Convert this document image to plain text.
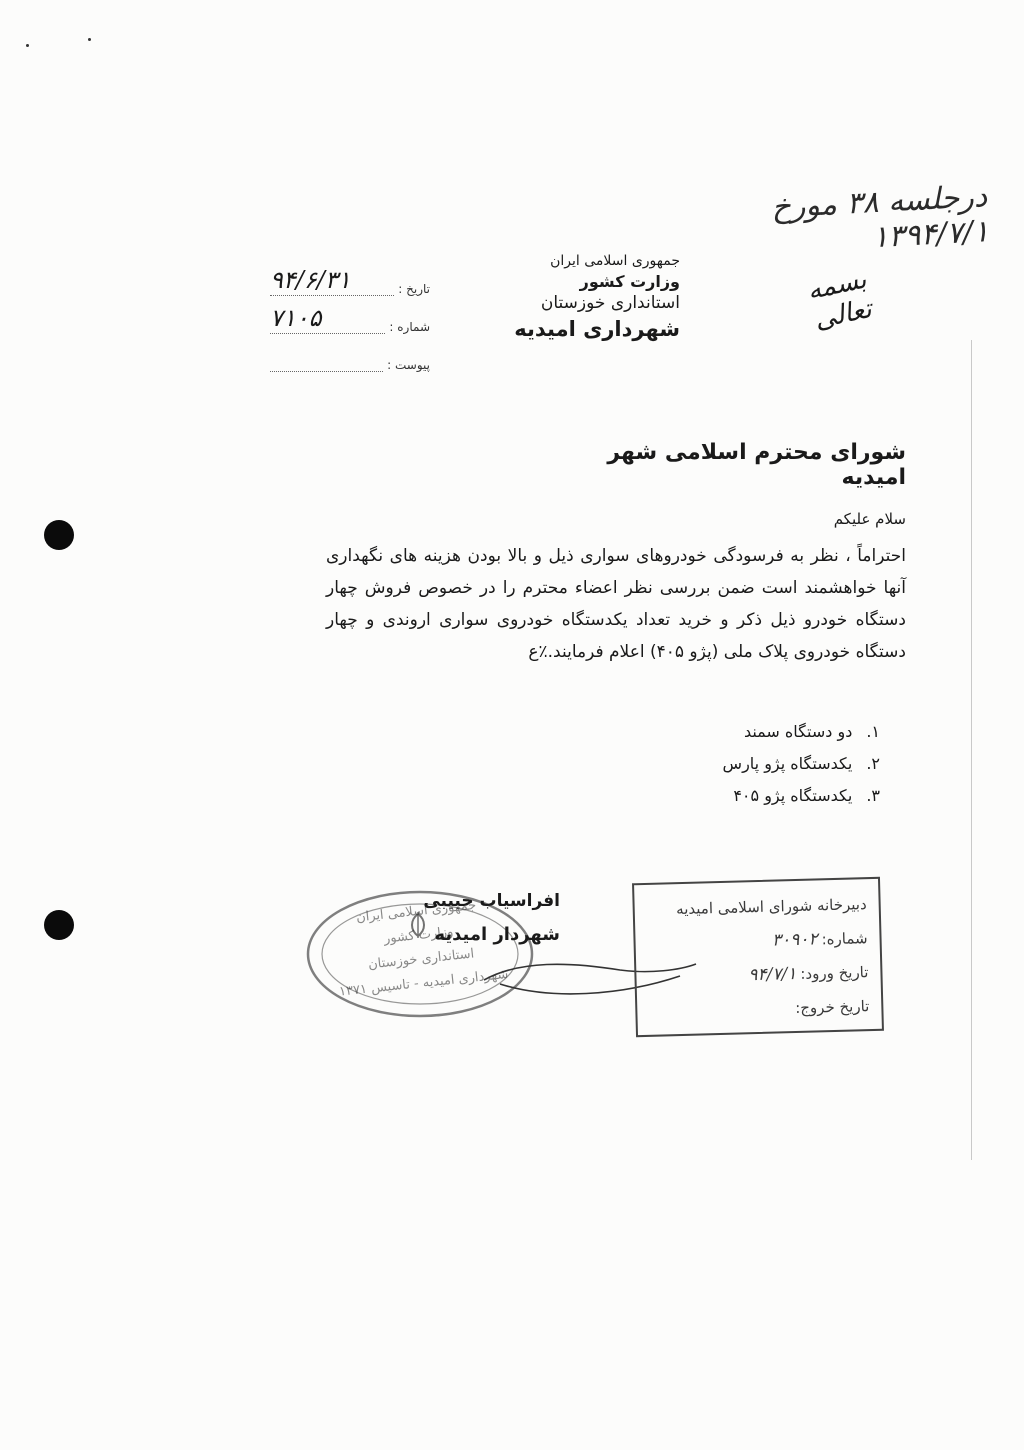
درجلسه ۳۸ مورخ ۱۳۹۴/۷/۱
جمهوری اسلامی ایران
وزارت کشور
استانداری خوزستان
شهرداری امیدیه
بسمه تعالی
تاریخ :
۹۴/۶/۳۱
شماره :
۷۱۰۵
پیوست :
شورای محترم اسلامی شهر امیدیه
سلام علیکم
احتراماً ، نظر به فرسودگی خودروهای سواری ذیل و بالا بودن هزینه های نگهداری آنها خواهشمند است ضمن بررسی نظر اعضاء محترم را در خصوص فروش چهار دستگاه خودرو ذیل ذکر و خرید تعداد یکدستگاه خودروی سواری اروندی و چهار دستگاه خودروی پلاک ملی (پژو ۴۰۵) اعلام فرمایند.٪ع
۱.
دو دستگاه سمند
۲.
یکدستگاه پژو پارس
۳.
یکدستگاه پژو ۴۰۵
جمهوری اسلامی ایران
وزارت کشور
استانداری خوزستان
شهرداری امیدیه - تاسیس ۱۳۷۱
افراسیاب حبیبی
شهردار امیدیه
دبیرخانه شورای اسلامی امیدیه
شماره:
۳۰۹۰۲
تاریخ ورود:
۹۴/۷/۱
تاریخ خروج:
